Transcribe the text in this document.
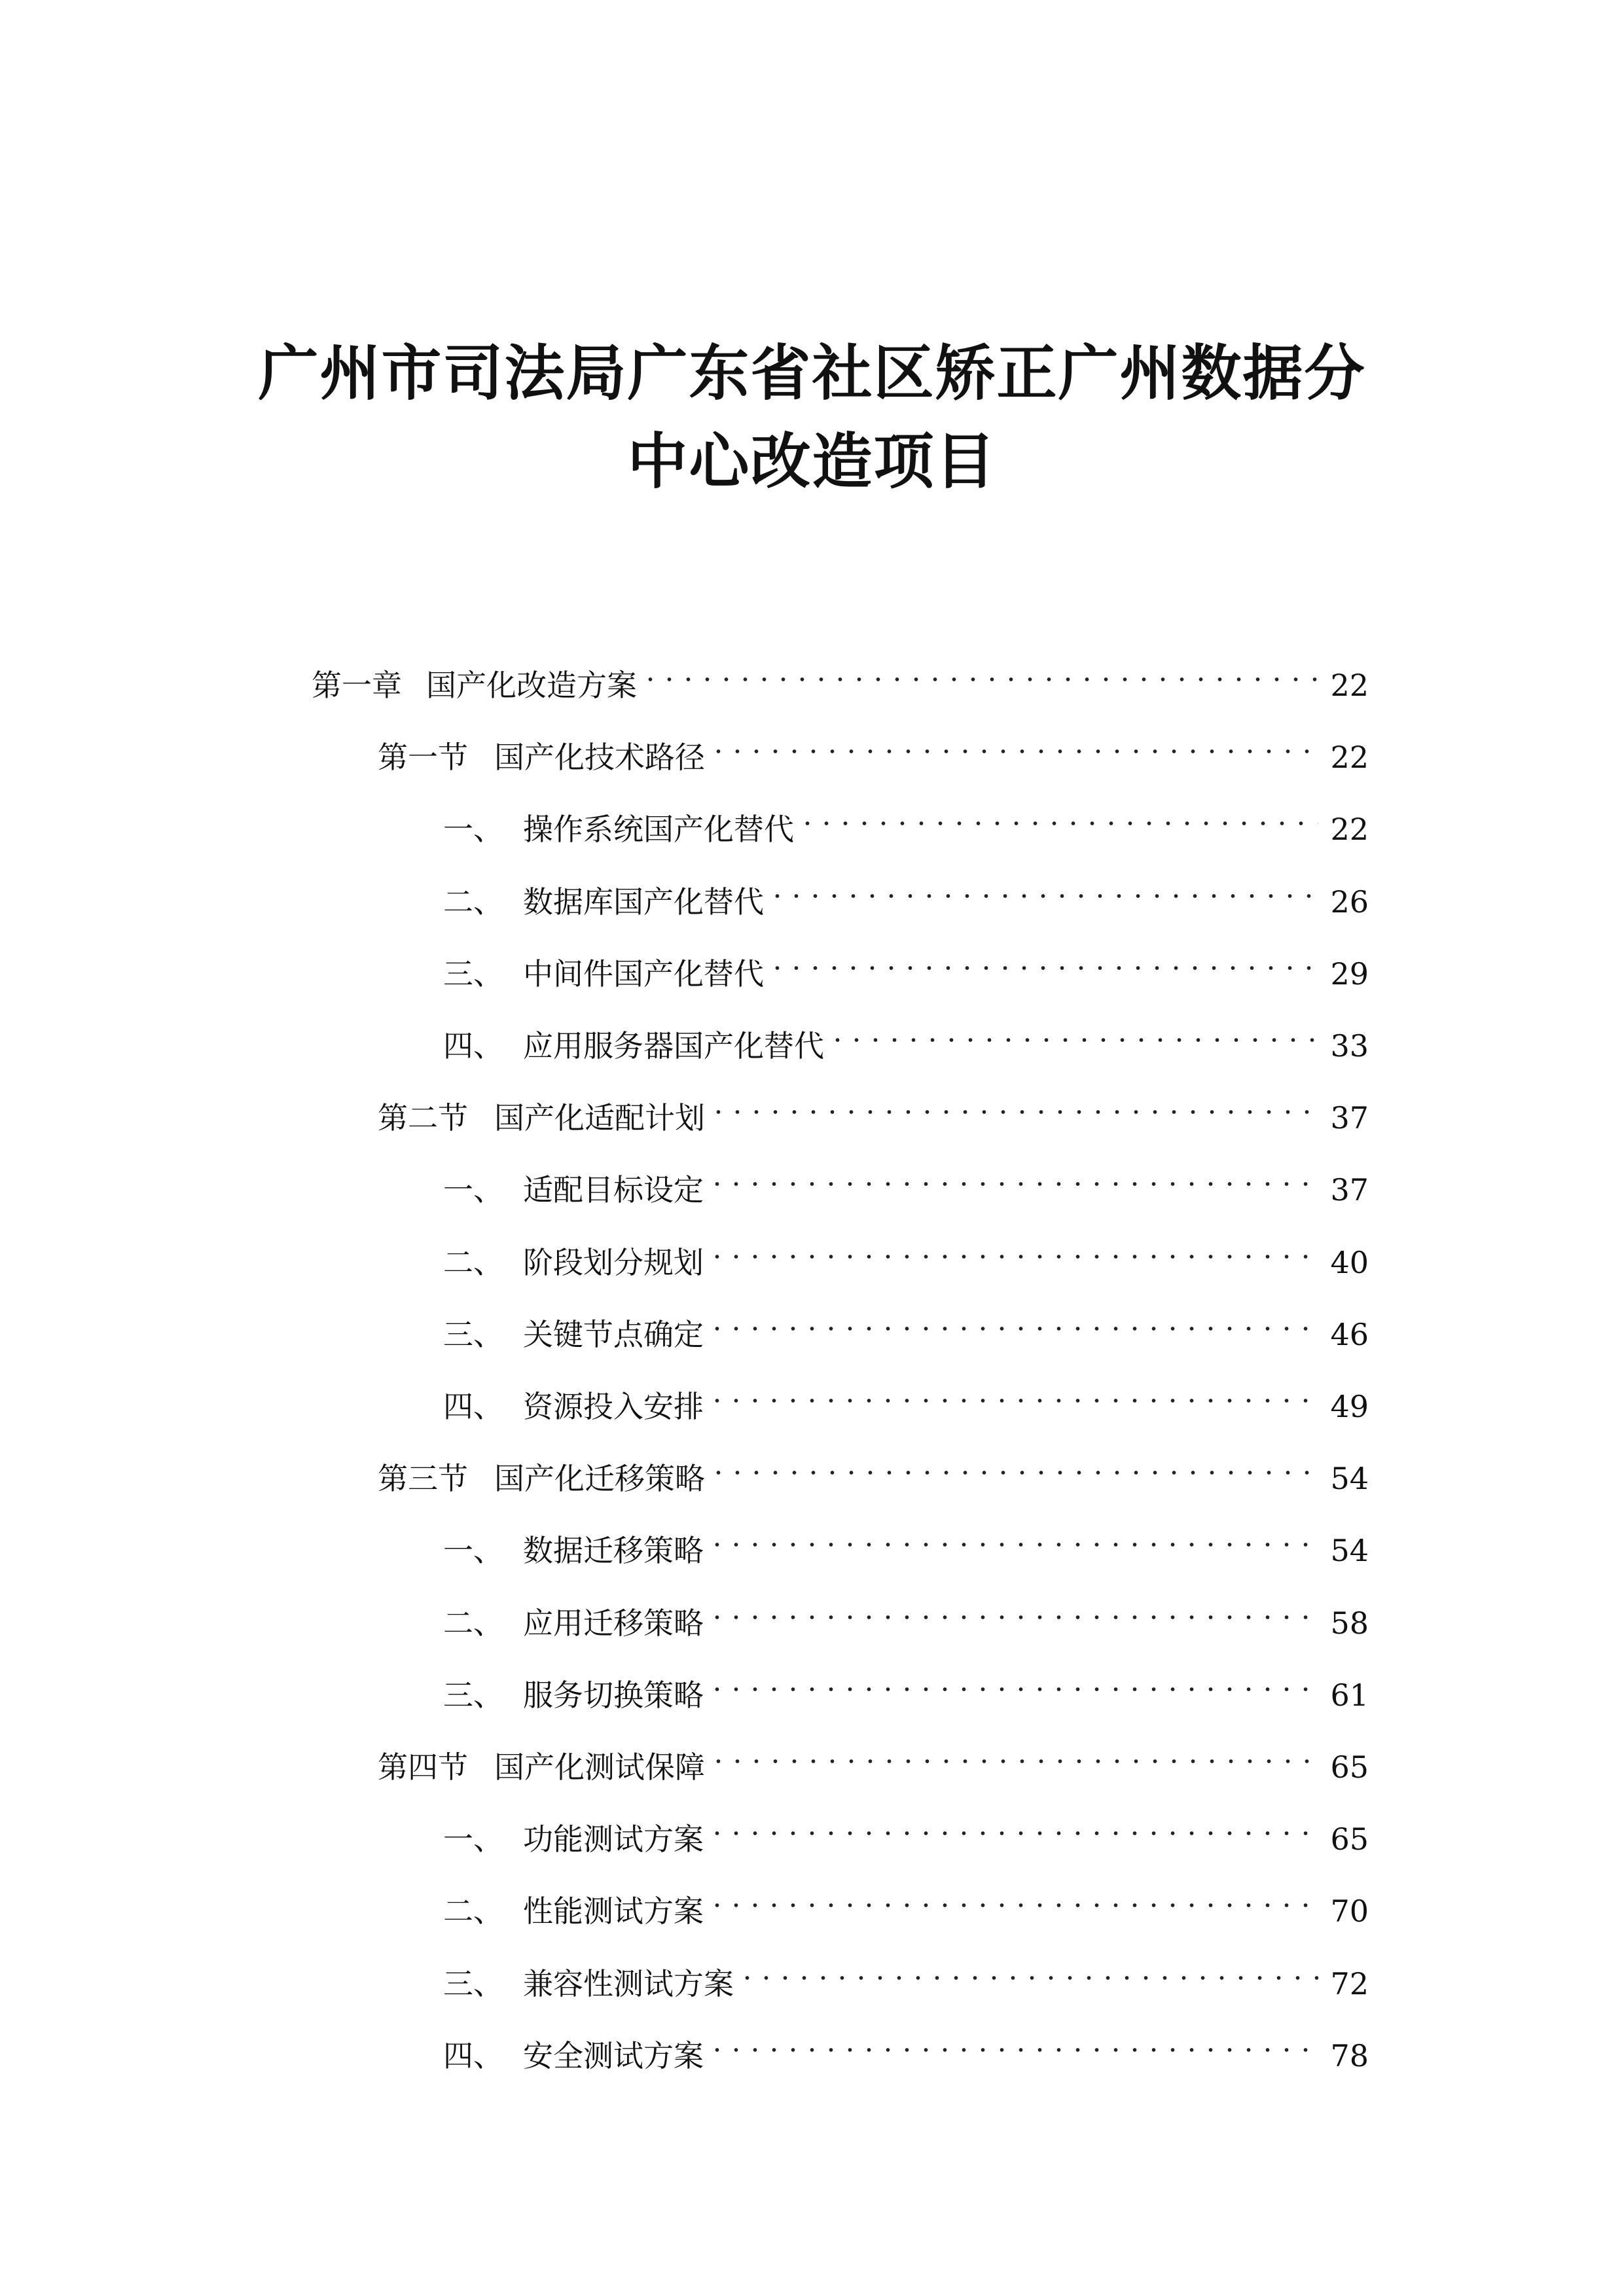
广州市司法局广东省社区矫正广州数据分
中心改造项目
第一章 国产化改造方案	22
第一节 国产化技术路径	22
一、 操作系统国产化替代	22
二、 数据库国产化替代	26
三、 中间件国产化替代	29
四、 应用服务器国产化替代	33
第二节 国产化适配计划	37
一、 适配目标设定	37
二、 阶段划分规划	40
三、 关键节点确定	46
四、 资源投入安排	49
第三节 国产化迁移策略	54
一、 数据迁移策略	54
二、 应用迁移策略	58
三、 服务切换策略	61
第四节 国产化测试保障	65
一、 功能测试方案	65
二、 性能测试方案	70
三、 兼容性测试方案	72
四、 安全测试方案	78
